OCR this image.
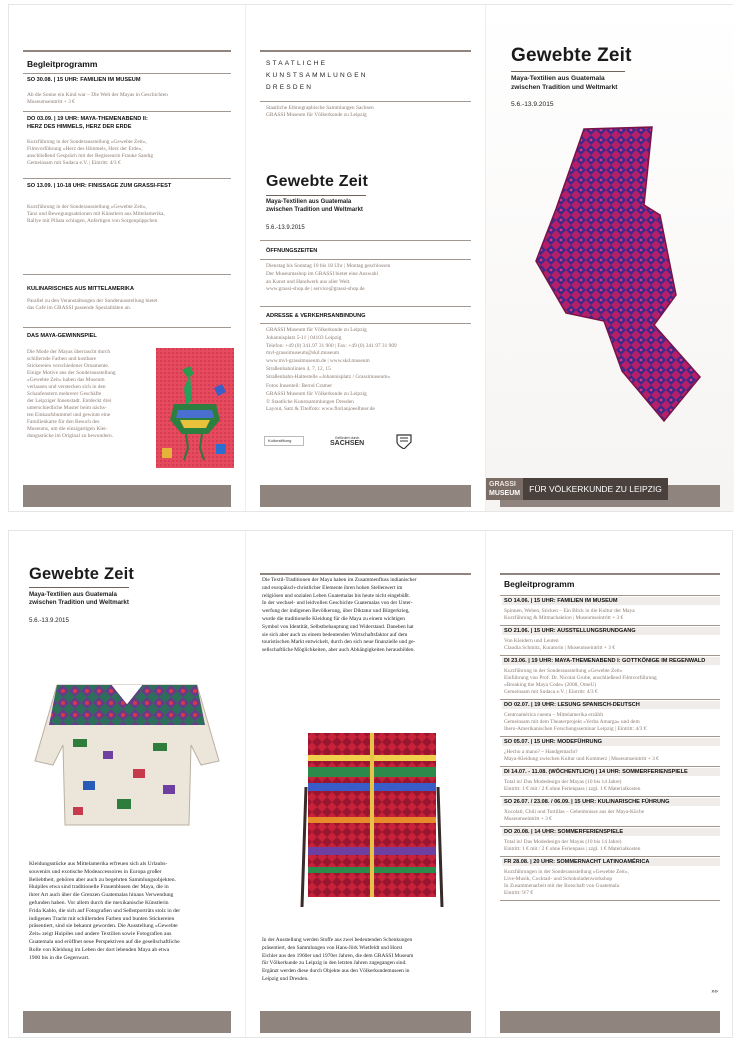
Begleitprogramm
SO 30.08. | 15 UHR: FAMILIEN IM MUSEUM
Ab die Sonne ein Kind war – Die Welt der Mayas in Geschichten
Museumseintritt + 3 €
DO 03.09. | 19 UHR: MAYA-THEMENABEND II:
HERZ DES HIMMELS, HERZ DER ERDE
Kurzführung in der Sonderausstellung »Gewebte Zeit«,
Filmvorführung »Herz des Himmels, Herz der Erde«,
anschließend Gespräch mit der Regisseurin Frauke Sandig
Gemeinsam mit Sudaca e.V. | Eintritt: 4/3 €
SO 13.09. | 10-18 UHR: FINISSAGE ZUM GRASSI-FEST
Kurzführung in der Sonderausstellung »Gewebte Zeit«,
Tanz und Bewegungsaktionen mit Künstlern aus Mittelamerika,
Rallye mit Piñata schlagen, Anfertigen von Sorgenpüppchen
KULINARISCHES AUS MITTELAMERIKA
Parallel zu den Veranstaltungen der Sonderausstellung bietet
das Café im GRASSI passende Spezialitäten an.
DAS MAYA-GEWINNSPIEL
Die Mode der Mayas überrascht durch
schillernde Farben und kostbare
Stickereien verschiedener Ornamente.
Einige Motive aus der Sonderausstellung
»Gewebte Zeit« haben das Museum
verlassen und verstecken sich in den
Schaufenstern mehrerer Geschäfte
der Leipziger Innenstadt. Entdeckt drei
unterschiedliche Muster beim nächs-
ten Einkaufsbummel und gewinnt eine
Familienkarte für den Besuch des
Museums, um die einzigartigen Klei-
dungsstücke im Original zu bewundern.
STAATLICHE
KUNSTSAMMLUNGEN
DRESDEN
Staatliche Ethnographische Sammlungen Sachsen
GRASSI Museum für Völkerkunde zu Leipzig
Gewebte Zeit
Maya-Textilien aus Guatemala
zwischen Tradition und Weltmarkt
5.6.-13.9.2015
ÖFFNUNGSZEITEN
Dienstag bis Sonntag 10 bis 18 Uhr | Montag geschlossen
Der Museumsshop im GRASSI bietet eine Auswahl
an Kunst und Handwerk aus aller Welt.
www.grassi-shop.de | service@grassi-shop.de
ADRESSE & VERKEHRSANBINDUNG
GRASSI Museum für Völkerkunde zu Leipzig
Johannisplatz 5-11 | 04103 Leipzig
Telefon: +49 (0) 341.97 31 900 | Fax: +49 (0) 341.97 31 909
mvl-grassimuseum@skd.museum
www.mvl-grassimuseum.de | www.skd.museum
Straßenbahnlinien 4, 7, 12, 15
Straßenbahn-Haltestelle »Johannisplatz / Grassimuseum«
Fotos Innenteil: Bernd Cramer
GRASSI Museum für Völkerkunde zu Leipzig
© Staatliche Kunstsammlungen Dresden
Layout, Satz & Titelfoto: www.florianjoeelhner.de
Kulturstiftung
Gefördert durch
SACHSEN
Gewebte Zeit
Maya-Textilien aus Guatemala
zwischen Tradition und Weltmarkt
5.6.-13.9.2015
GRASSI
MUSEUM	FÜR VÖLKERKUNDE ZU LEIPZIG
Gewebte Zeit
Maya-Textilien aus Guatemala
zwischen Tradition und Weltmarkt
5.6.-13.9.2015
Kleidungsstücke aus Mittelamerika erfreuen sich als Urlaubs-
souvenirs und exotische Modeaccessoires in Europa großer
Beliebtheit, gehören aber auch zu begehrten Sammlungsobjekten.
Huipiles etwa sind traditionelle Frauenblusen der Maya, die in
ihrer Art auch über die Grenzen Guatemalas hinaus Verwendung
gefunden haben. Vor allem durch die mexikanische Künstlerin
Frida Kahlo, die sich auf Fotografien und Selbstporträts stolz in der
indigenen Tracht mit schillernden Farben und bunten Stickereien
präsentiert, sind sie bekannt geworden. Die Ausstellung »Gewebte
Zeit« zeigt Huipiles und andere Textilien sowie Fotografien aus
Guatemala und eröffnet neue Perspektiven auf die gesellschaftliche
Rolle von Kleidung im Leben der dort lebenden Maya ab etwa
1900 bis in die Gegenwart.
Die Textil-Traditionen der Maya haben im Zusammenfluss indianischer
und europäisch-christlicher Elemente ihren hohen Stellenwert im
religiösen und sozialen Leben Guatemalas bis heute nicht eingebüßt.
In der wechsel- und leidvollen Geschichte Guatemalas von der Unter-
werfung der indigenen Bevölkerung, über Diktatur und Bürgerkrieg,
wurde die traditionelle Kleidung für die Maya zu einem wichtigen
Symbol von Identität, Selbstbehauptung und Widerstand. Daneben hat
sie sich aber auch zu einem bedeutenden Wirtschaftsfaktor auf dem
touristischen Markt entwickelt, durch den sich neue finanzielle und ge-
sellschaftliche Möglichkeiten, aber auch Abhängigkeiten herausbilden.
In der Ausstellung werden Stoffe aus zwei bedeutenden Schenkungen
präsentiert, den Sammlungen von Hans-Jörk Wietfeldt und Horst
Eichler aus den 1960er und 1970er Jahren, die dem GRASSI Museum
für Völkerkunde zu Leipzig in den letzten Jahren zugegangen sind.
Ergänzt werden diese durch Objekte aus den Völkerkundemuseen in
Leipzig und Dresden.
Begleitprogramm
SO 14.06. | 15 UHR: FAMILIEN IM MUSEUM
Spinnen, Weben, Sticken – Ein Blick in die Kultur der Maya
Kurzführung & Mitmachaktion | Museumseintritt + 3 €
SO 21.06. | 15 UHR: AUSSTELLUNGSRUNDGANG
Von Kleidern und Leuten
Claudia Schmitz, Kuratorin | Museumseintritt + 3 €
DI 23.06. | 19 UHR: MAYA-THEMENABEND I: GOTTKÖNIGE IM REGENWALD
Kurzführung in der Sonderausstellung »Gewebte Zeit«
Einführung von Prof. Dr. Nicolai Grube, anschließend Filmvorführung
»Breaking the Maya Code« (2008, OmeU)
Gemeinsam mit Sudaca e.V. | Eintritt: 4/3 €
DO 02.07. | 19 UHR: LESUNG SPANISCH-DEUTSCH
Centroamérica cuenta – Mittelamerika erzählt
Gemeinsam mit dem Theaterprojekt »Yerba Amarga« und dem
Ibero-Amerikanischen Forschungsseminar Leipzig | Eintritt: 4/3 €
SO 05.07. | 15 UHR: MODEFÜHRUNG
¿Hecho a mano? – Handgemacht?
Maya-Kleidung zwischen Kultur und Kommerz | Museumseintritt + 3 €
DI 14.07. - 11.08. (WÖCHENTLICH) | 14 UHR: SOMMERFERIENSPIELE
Total in! Das Modedesign der Mayas (10 bis 14 Jahre)
Eintritt: 1 € mit / 2 € ohne Ferienpass | zzgl. 1 € Materialkosten
SO 26.07. / 23.08. / 06.09. | 15 UHR: KULINARISCHE FÜHRUNG
Xocolatl, Chili und Tortillas – Geheimnisse aus der Maya-Küche
Museumseintritt + 3 €
DO 20.08. | 14 UHR: SOMMERFERIENSPIELE
Total in! Das Modedesign der Mayas (10 bis 14 Jahre)
Eintritt: 1 € mit / 2 € ohne Ferienpass | zzgl. 1 € Materialkosten
FR 28.08. | 20 UHR: SOMMERNACHT LATINOAMÉRICA
Kurzführungen in der Sonderausstellung »Gewebte Zeit«,
Live-Musik, Cocktail- und Schokoladenworkshop
In Zusammenarbeit mit der Botschaft von Guatemala
Eintritt: 9/7 €
»»
